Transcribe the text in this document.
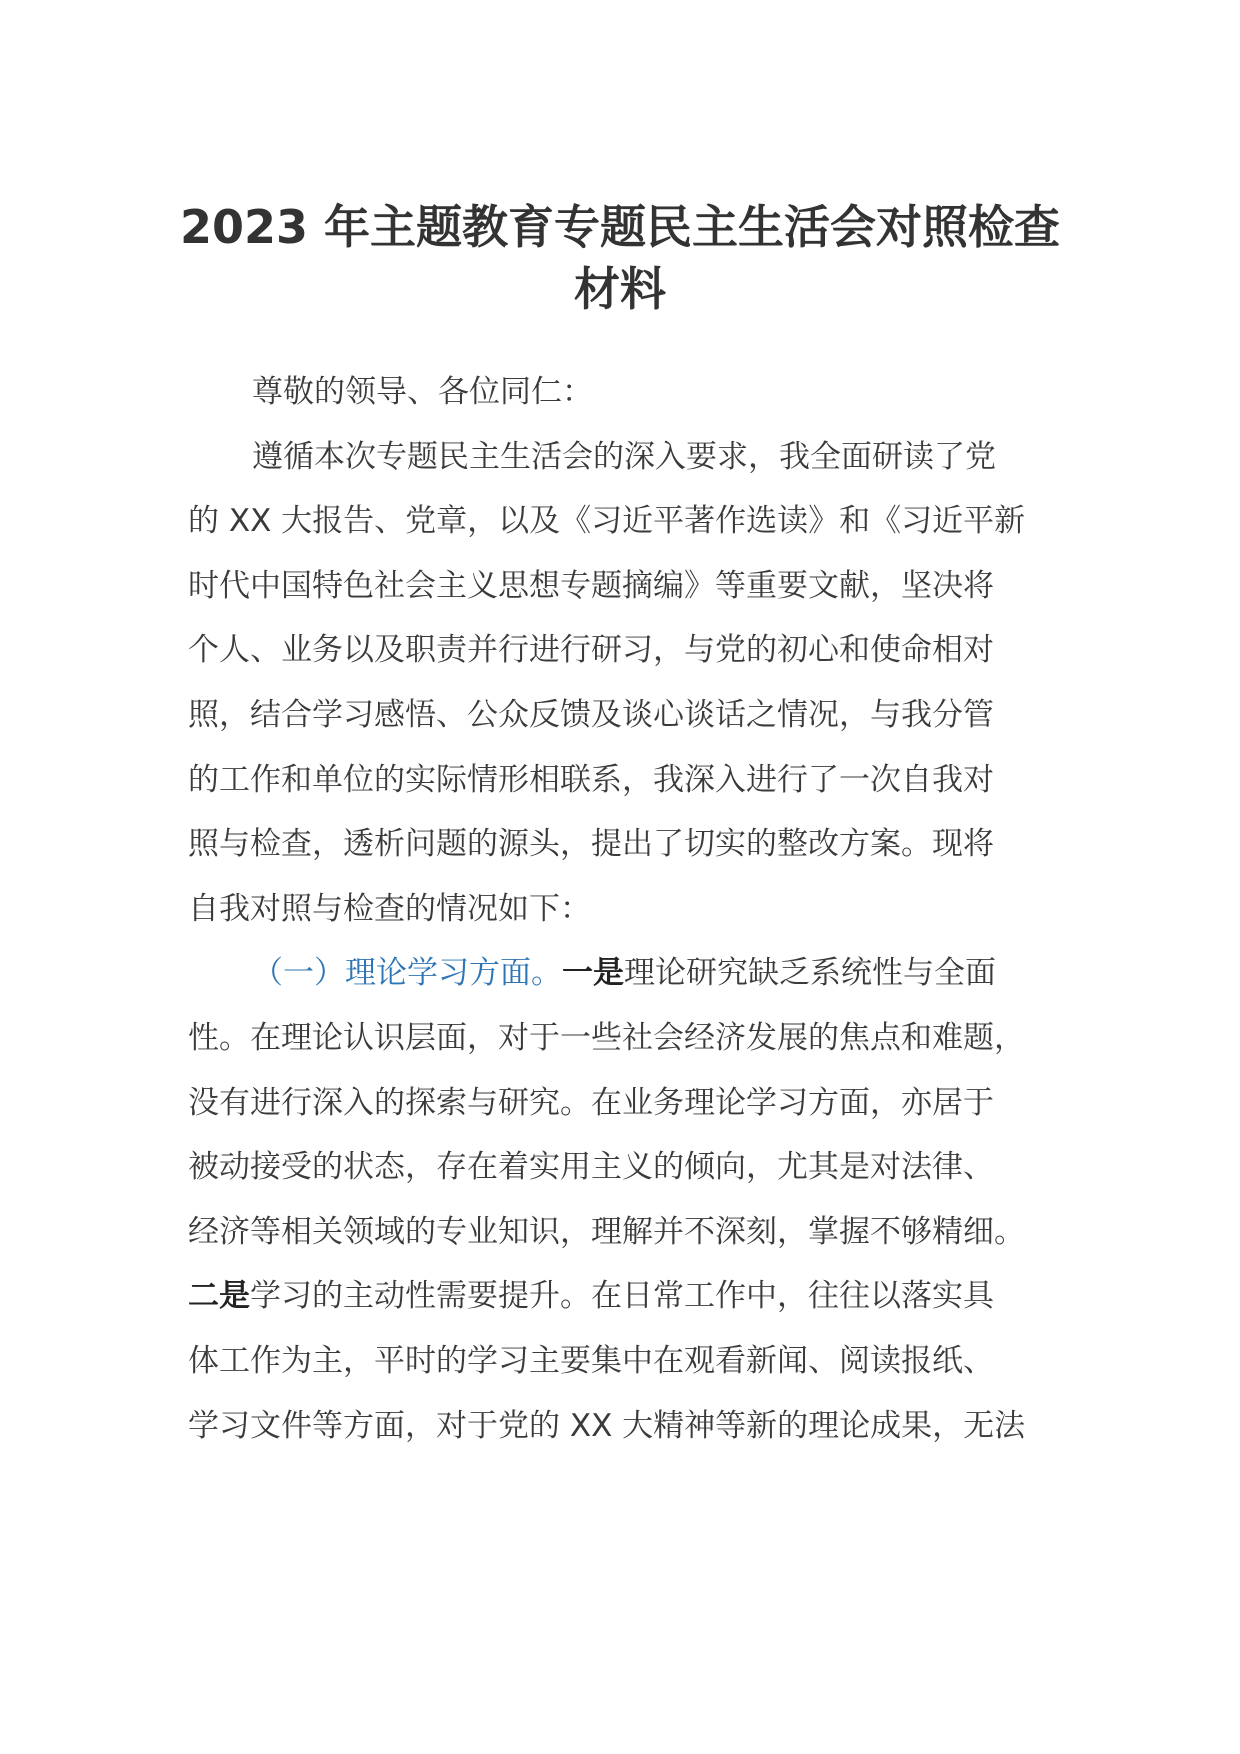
2023 年主题教育专题民主生活会对照检查
材料
尊敬的领导、各位同仁：
遵循本次专题民主生活会的深入要求，我全面研读了党
的 XX 大报告、党章，以及《习近平著作选读》和《习近平新
时代中国特色社会主义思想专题摘编》等重要文献，坚决将
个人、业务以及职责并行进行研习，与党的初心和使命相对
照，结合学习感悟、公众反馈及谈心谈话之情况，与我分管
的工作和单位的实际情形相联系，我深入进行了一次自我对
照与检查，透析问题的源头，提出了切实的整改方案。现将
自我对照与检查的情况如下：
（一）理论学习方面。一是理论研究缺乏系统性与全面
性。在理论认识层面，对于一些社会经济发展的焦点和难题，
没有进行深入的探索与研究。在业务理论学习方面，亦居于
被动接受的状态，存在着实用主义的倾向，尤其是对法律、
经济等相关领域的专业知识，理解并不深刻，掌握不够精细。
二是学习的主动性需要提升。在日常工作中，往往以落实具
体工作为主，平时的学习主要集中在观看新闻、阅读报纸、
学习文件等方面，对于党的 XX 大精神等新的理论成果，无法
